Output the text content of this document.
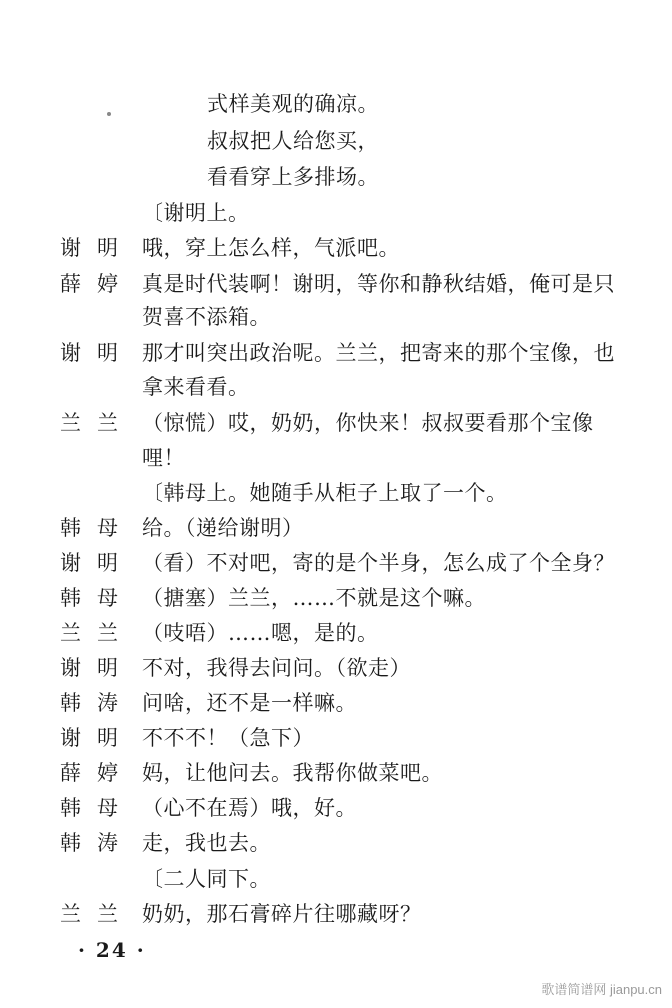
式样美观的确凉。
叔叔把人给您买，
看看穿上多排场。
〔谢明上。
谢明 哦，穿上怎么样，气派吧。
薛婷 真是时代装啊！谢明，等你和静秋结婚，俺可是只
贺喜不添箱。
谢明 那才叫突出政治呢。兰兰，把寄来的那个宝像，也
拿来看看。
兰兰 （惊慌）哎，奶奶，你快来！叔叔要看那个宝像
哩！
〔韩母上。她随手从柜子上取了一个。
韩母 给。（递给谢明）
谢明 （看）不对吧，寄的是个半身，怎么成了个全身？
韩母 （搪塞）兰兰，……不就是这个嘛。
兰兰 （吱唔）……嗯，是的。
谢明 不对，我得去问问。（欲走）
韩涛 问啥，还不是一样嘛。
谢明 不不不！（急下）
薛婷 妈，让他问去。我帮你做菜吧。
韩母 （心不在焉）哦，好。
韩涛 走，我也去。
〔二人同下。
兰兰 奶奶，那石膏碎片往哪藏呀？
· 24 ·
歌谱简谱网 jianpu.cn
